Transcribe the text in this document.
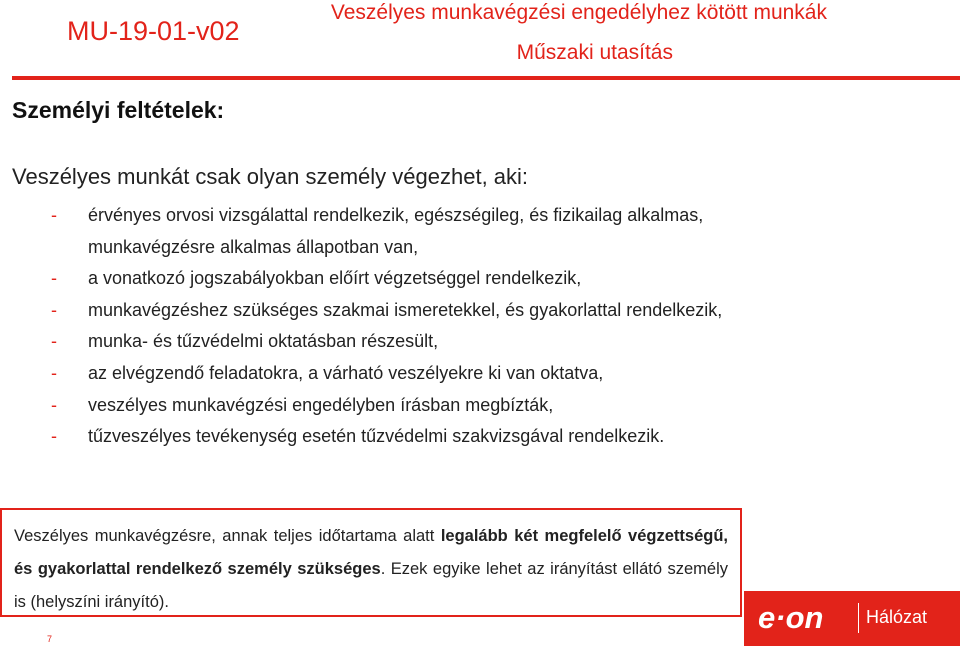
MU-19-01-v02
Veszélyes munkavégzési engedélyhez kötött munkák
Műszaki utasítás
Személyi feltételek:
Veszélyes munkát csak olyan személy végezhet, aki:
- érvényes orvosi vizsgálattal rendelkezik, egészségileg, és fizikailag alkalmas,
munkavégzésre alkalmas állapotban van,
- a vonatkozó jogszabályokban előírt végzetséggel rendelkezik,
- munkavégzéshez szükséges szakmai ismeretekkel, és gyakorlattal rendelkezik,
- munka- és tűzvédelmi oktatásban részesült,
- az elvégzendő feladatokra, a várható veszélyekre ki van oktatva,
- veszélyes munkavégzési engedélyben írásban megbízták,
- tűzveszélyes tevékenység esetén tűzvédelmi szakvizsgával rendelkezik.
Veszélyes munkavégzésre, annak teljes időtartama alatt legalább két megfelelő végzettségű, és gyakorlattal rendelkező személy szükséges. Ezek egyike lehet az irányítást ellátó személy is (helyszíni irányító).
7
e·on Hálózat
